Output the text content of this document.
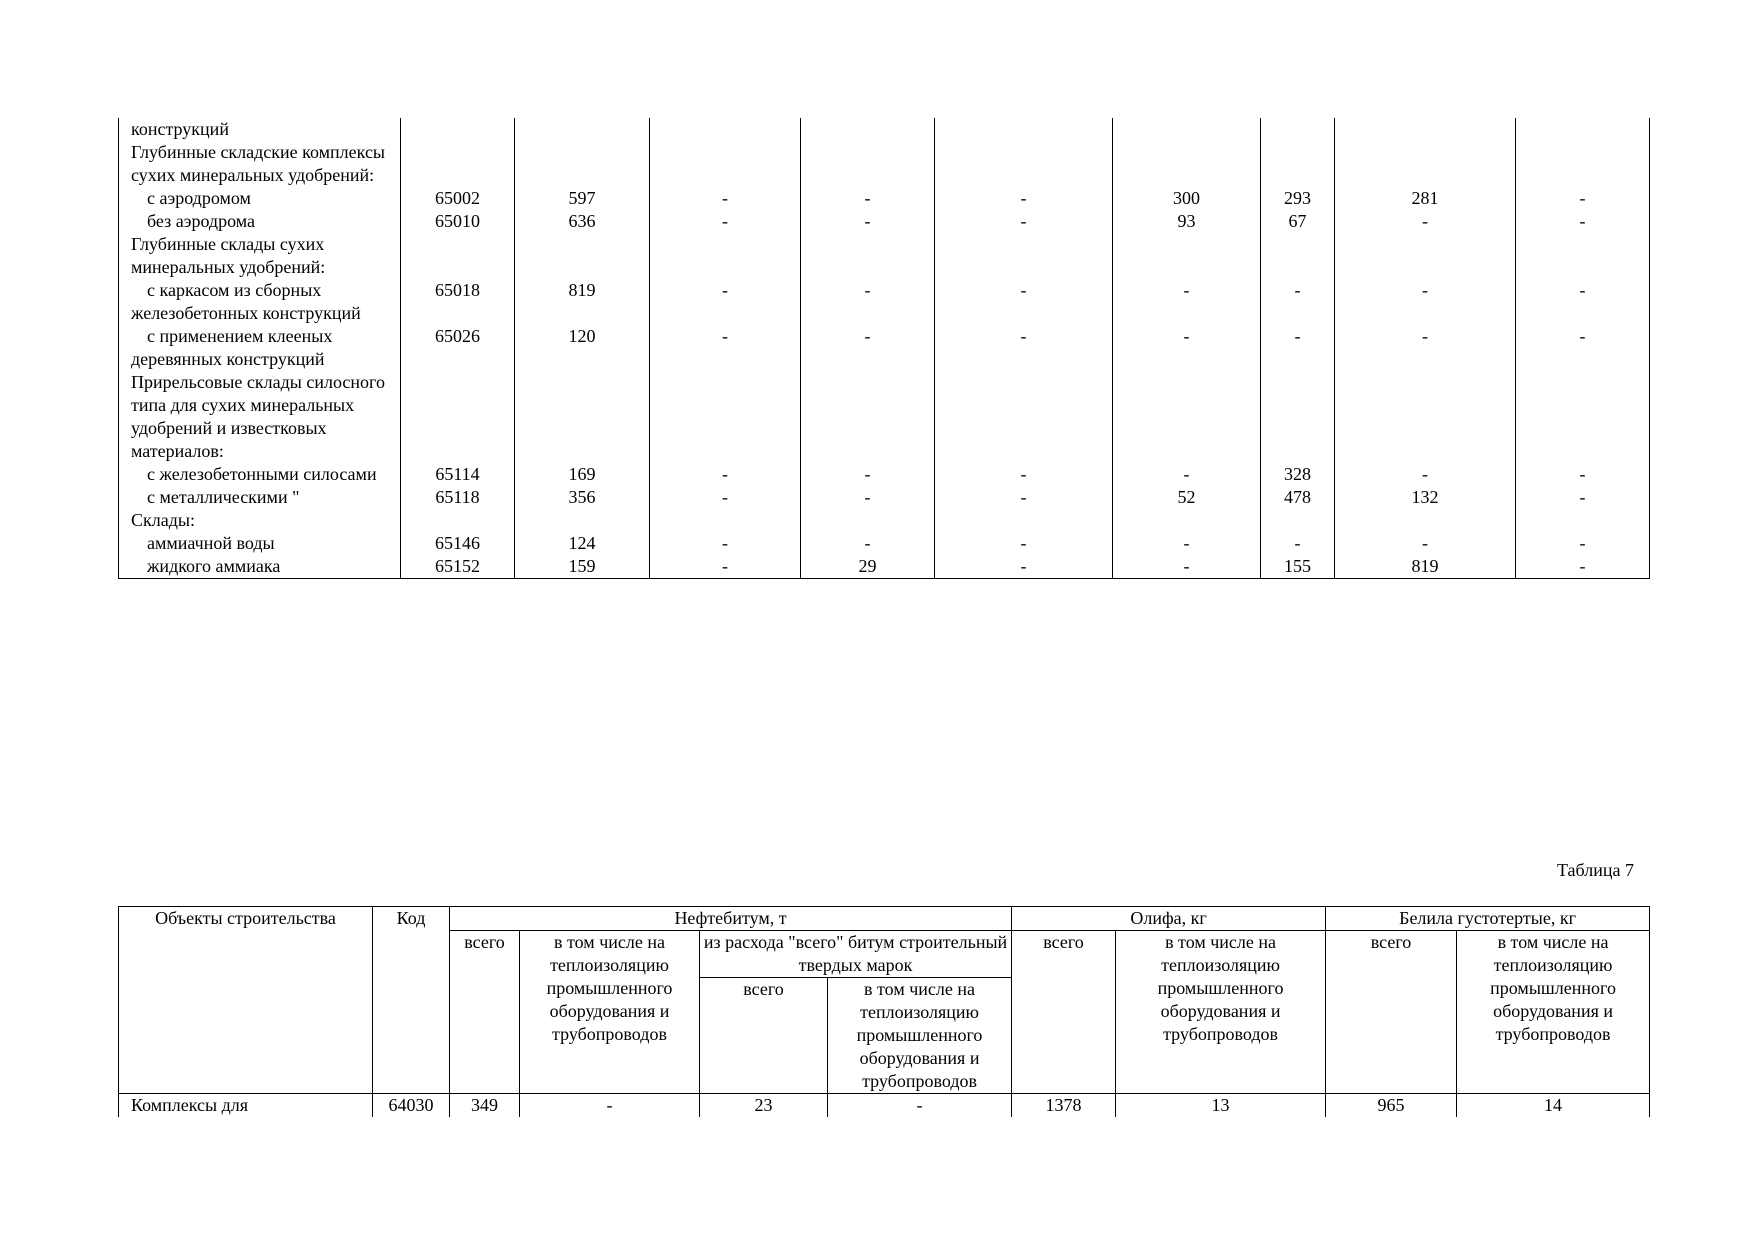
конструкций									
Глубинные складские комплексы сухих минеральных удобрений:									
с аэродромом	65002	597	-	-	-	300	293	281	-
без аэродрома	65010	636	-	-	-	93	67	-	-
Глубинные склады сухих минеральных удобрений:									
с каркасом из сборных железобетонных конструкций	65018	819	-	-	-	-	-	-	-
с применением клееных деревянных конструкций	65026	120	-	-	-	-	-	-	-
Прирельсовые склады силосного типа для сухих минеральных удобрений и известковых материалов:									
с железобетонными силосами	65114	169	-	-	-	-	328	-	-
с металлическими "	65118	356	-	-	-	52	478	132	-
Склады:									
аммиачной воды	65146	124	-	-	-	-	-	-	-
жидкого аммиака	65152	159	-	29	-	-	155	819	-
Таблица 7
Объекты строительства	Код	Нефтебитум, т				Олифа, кг		Белила густотертые, кг	
		всего	в том числе на теплоизоляцию промышленного оборудования и трубопроводов	из расхода "всего" битум строительный твердых марок		всего	в том числе на теплоизоляцию промышленного оборудования и трубопроводов	всего	в том числе на теплоизоляцию промышленного оборудования и трубопроводов
				всего	в том числе на теплоизоляцию промышленного оборудования и трубопроводов				
Комплексы для	64030	349	-	23	-	1378	13	965	14
